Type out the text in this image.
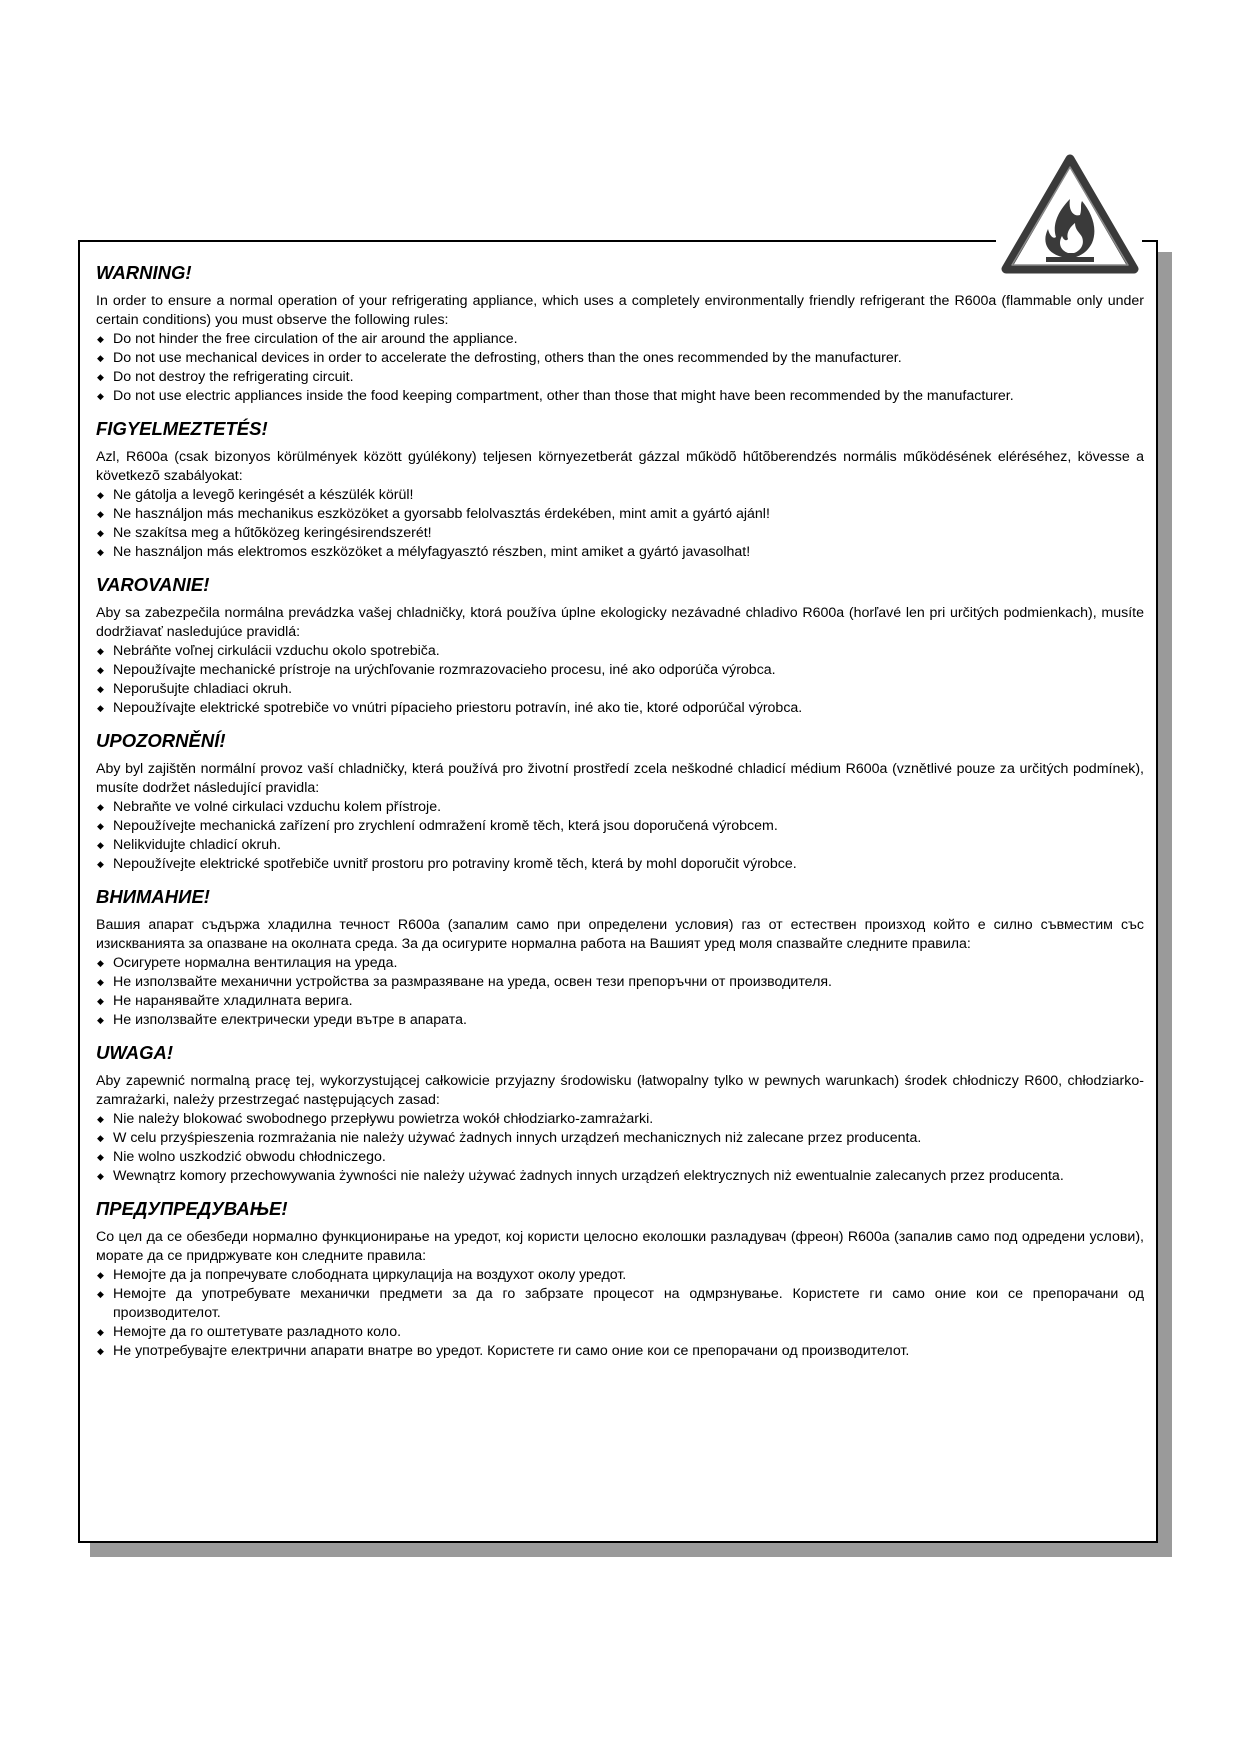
WARNING!

In order to ensure a normal operation of your refrigerating appliance, which uses a completely environmentally friendly refrigerant the R600a (flammable only under certain conditions) you must observe the following rules:

◆ Do not hinder the free circulation of the air around the appliance.
◆ Do not use mechanical devices in order to accelerate the defrosting, others than the ones recommended by the manufacturer.
◆ Do not destroy the refrigerating circuit.
◆ Do not use electric appliances inside the food keeping compartment, other than those that might have been recommended by the manufacturer.
FIGYELMEZTETÉS!

Azl, R600a (csak bizonyos körülmények között gyúlékony) teljesen környezetberát gázzal működõ hűtõberendzés normális működésének eléréséhez, kövesse a következõ szabályokat:

◆ Ne gátolja a levegõ keringését a készülék körül!
◆ Ne használjon más mechanikus eszközöket a gyorsabb felolvasztás érdekében, mint amit a gyártó ajánl!
◆ Ne szakítsa meg a hűtõközeg keringésirendszerét!
◆ Ne használjon más elektromos eszközöket a mélyfagyasztó részben, mint amiket a gyártó javasolhat!
VAROVANIE!

Aby sa zabezpečila normálna prevádzka vašej chladničky, ktorá používa úplne ekologicky nezávadné chladivo R600a (horľavé len pri určitých podmienkach), musíte dodržiavať nasledujúce pravidlá:

◆ Nebráňte voľnej cirkulácii vzduchu okolo spotrebiča.
◆ Nepoužívajte mechanické prístroje na urýchľovanie rozmrazovacieho procesu, iné ako odporúča výrobca.
◆ Neporušujte chladiaci okruh.
◆ Nepoužívajte elektrické spotrebiče vo vnútri pípacieho priestoru potravín, iné ako tie, ktoré odporúčal výrobca.
UPOZORNĚNÍ!

Aby byl zajištěn normální provoz vaší chladničky, která používá pro životní prostředí zcela neškodné chladicí médium R600a (vznětlivé pouze za určitých podmínek), musíte dodržet následující pravidla:

◆ Nebraňte ve volné cirkulaci vzduchu kolem přístroje.
◆ Nepoužívejte mechanická zařízení pro zrychlení odmražení kromě těch, která jsou doporučená výrobcem.
◆ Nelikvidujte chladicí okruh.
◆ Nepoužívejte elektrické spotřebiče uvnitř prostoru pro potraviny kromě těch, která by mohl doporučit výrobce.
ВНИМАНИЕ!

Вашия апарат съдържа хладилна течност R600a (запалим само при определени условия) газ от естествен произход който е силно съвместим със изискванията за опазване на околната среда. За да осигурите нормална работа на Вашият уред моля спазвайте следните правила:

◆ Осигурете нормална вентилация на уреда.
◆ Не използвайте механични устройства за размразяване на уреда, освен тези препоръчни от производителя.
◆ Не наранявайте хладилната верига.
◆ Не използвайте електрически уреди вътре в апарата.
UWAGA!

Aby zapewnić normalną pracę tej, wykorzystującej całkowicie przyjazny środowisku (łatwopalny tylko w pewnych warunkach) środek chłodniczy R600, chłodziarko-zamrażarki, należy przestrzegać następujących zasad:

◆ Nie należy blokować swobodnego przepływu powietrza wokół chłodziarko-zamrażarki.
◆ W celu przyśpieszenia rozmrażania nie należy używać żadnych innych urządzeń mechanicznych niż zalecane przez producenta.
◆ Nie wolno uszkodzić obwodu chłodniczego.
◆ Wewnątrz komory przechowywania żywności nie należy używać żadnych innych urządzeń elektrycznych niż ewentualnie zalecanych przez producenta.
ПРЕДУПРЕДУВАЊЕ!

Со цел да се обезбеди нормално функционирање на уредот, кој користи целосно еколошки разладувач (фреон) R600a (запалив само под одредени услови), морате да се придржувате кон следните правила:

◆ Немојте да ја попречувате слободната циркулација на воздухот околу уредот.
◆ Немојте да употребувате механички предмети за да го забрзате процесот на одмрзнување. Користете ги само оние кои се препорачани од производителот.
◆ Немојте да го оштетувате разладното коло.
◆ Не употребувајте електрични апарати внатре во уредот. Користете ги само оние кои се препорачани од производителот.
